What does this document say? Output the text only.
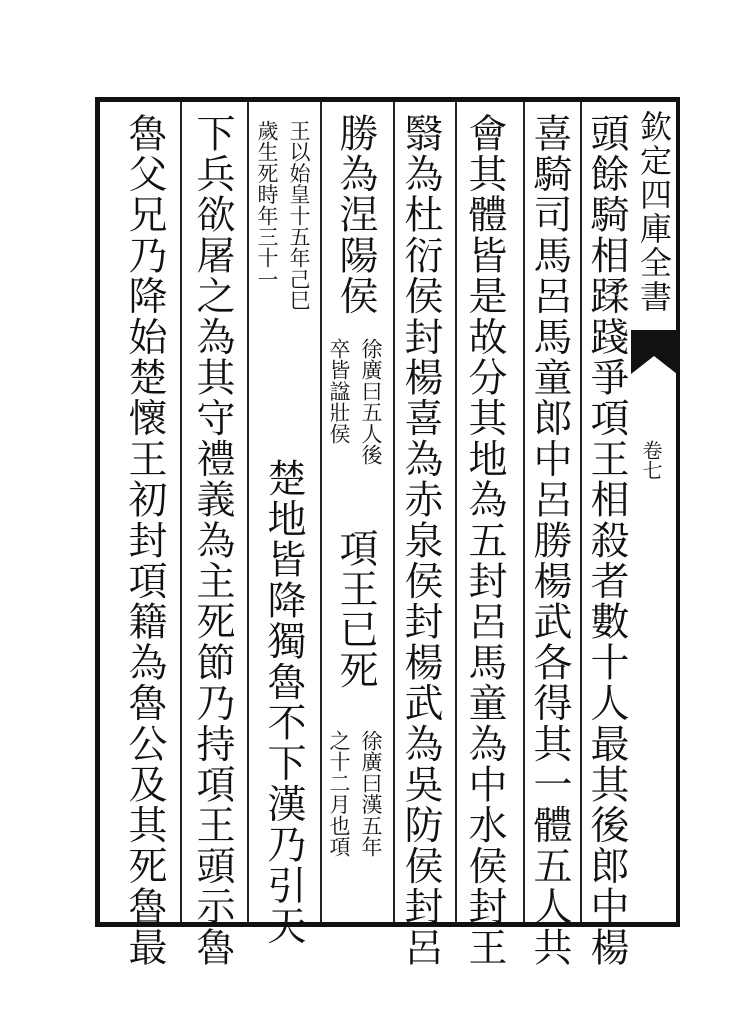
欽定四庫全書
卷七
頭餘騎相蹂踐爭項王相殺者數十人最其後郎中楊
喜騎司馬呂馬童郎中呂勝楊武各得其一體五人共
會其體皆是故分其地為五封呂馬童為中水侯封王
翳為杜衍侯封楊喜為赤泉侯封楊武為吳防侯封呂
勝為涅陽侯
徐廣曰五人後
卒皆諡壯侯
項王已死
徐廣曰漢五年
之十二月也項
王以始皇十五年己巳
歲生死時年三十一
楚地皆降獨魯不下漢乃引天
下兵欲屠之為其守禮義為主死節乃持項王頭示魯
魯父兄乃降始楚懷王初封項籍為魯公及其死魯最
